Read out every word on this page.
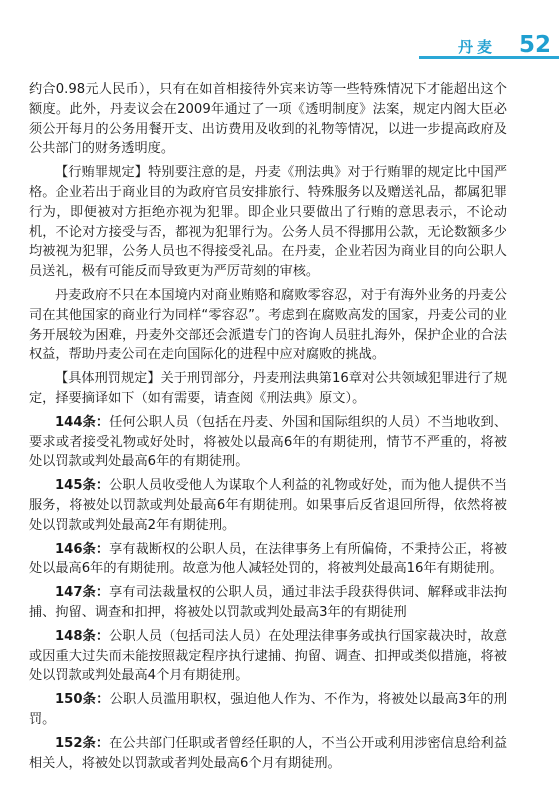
丹麦 52

约合0.98元人民币），只有在如首相接待外宾来访等一些特殊情况下才能超出这个额度。此外，丹麦议会在2009年通过了一项《透明制度》法案，规定内阁大臣必须公开每月的公务用餐开支、出访费用及收到的礼物等情况，以进一步提高政府及公共部门的财务透明度。

【行贿罪规定】特别要注意的是，丹麦《刑法典》对于行贿罪的规定比中国严格。企业若出于商业目的为政府官员安排旅行、特殊服务以及赠送礼品，都属犯罪行为，即便被对方拒绝亦视为犯罪。即企业只要做出了行贿的意思表示，不论动机，不论对方接受与否，都视为犯罪行为。公务人员不得挪用公款，无论数额多少均被视为犯罪，公务人员也不得接受礼品。在丹麦，企业若因为商业目的向公职人员送礼，极有可能反而导致更为严厉苛刻的审核。

丹麦政府不只在本国境内对商业贿赂和腐败零容忍，对于有海外业务的丹麦公司在其他国家的商业行为同样“零容忍”。考虑到在腐败高发的国家，丹麦公司的业务开展较为困难，丹麦外交部还会派遣专门的咨询人员驻扎海外，保护企业的合法权益，帮助丹麦公司在走向国际化的进程中应对腐败的挑战。

【具体刑罚规定】关于刑罚部分，丹麦刑法典第16章对公共领域犯罪进行了规定，择要摘译如下（如有需要，请查阅《刑法典》原文）。

144条：任何公职人员（包括在丹麦、外国和国际组织的人员）不当地收到、要求或者接受礼物或好处时，将被处以最高6年的有期徒刑，情节不严重的，将被处以罚款或判处最高6年的有期徒刑。

145条：公职人员收受他人为谋取个人利益的礼物或好处，而为他人提供不当服务，将被处以罚款或判处最高6年有期徒刑。如果事后反省退回所得，依然将被处以罚款或判处最高2年有期徒刑。

146条：享有裁断权的公职人员，在法律事务上有所偏倚，不秉持公正，将被处以最高6年的有期徒刑。故意为他人减轻处罚的，将被判处最高16年有期徒刑。

147条：享有司法裁量权的公职人员，通过非法手段获得供词、解释或非法拘捕、拘留、调查和扣押，将被处以罚款或判处最高3年的有期徒刑

148条：公职人员（包括司法人员）在处理法律事务或执行国家裁决时，故意或因重大过失而未能按照裁定程序执行逮捕、拘留、调查、扣押或类似措施，将被处以罚款或判处最高4个月有期徒刑。

150条：公职人员滥用职权，强迫他人作为、不作为，将被处以最高3年的刑罚。

152条：在公共部门任职或者曾经任职的人，不当公开或利用涉密信息给利益相关人，将被处以罚款或者判处最高6个月有期徒刑。
